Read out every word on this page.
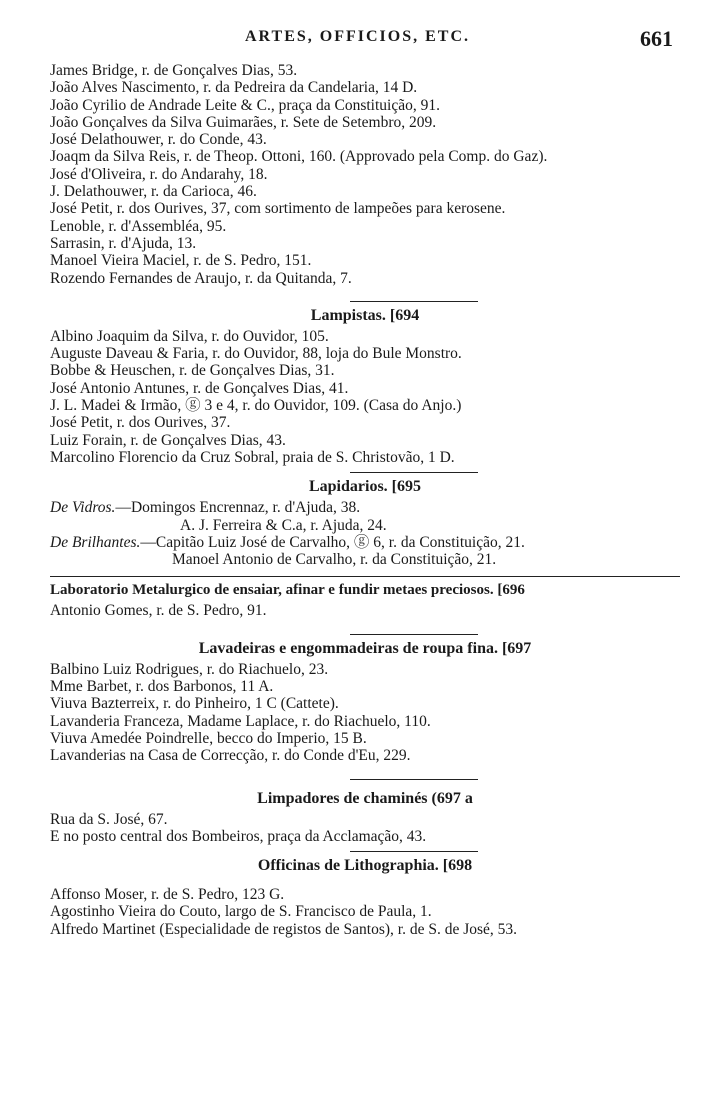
ARTES, OFFICIOS, ETC.	661
James Bridge, r. de Gonçalves Dias, 53.
João Alves Nascimento, r. da Pedreira da Candelaria, 14 D.
João Cyrilio de Andrade Leite & C., praça da Constituição, 91.
João Gonçalves da Silva Guimarães, r. Sete de Setembro, 209.
José Delathouwer, r. do Conde, 43.
Joaqm da Silva Reis, r. de Theop. Ottoni, 160. (Approvado pela Comp. do Gaz).
José d'Oliveira, r. do Andarahy, 18.
J. Delathouwer, r. da Carioca, 46.
José Petit, r. dos Ourives, 37, com sortimento de lampeões para kerosene.
Lenoble, r. d'Assembléa, 95.
Sarrasin, r. d'Ajuda, 13.
Manoel Vieira Maciel, r. de S. Pedro, 151.
Rozendo Fernandes de Araujo, r. da Quitanda, 7.
Lampistas. [694
Albino Joaquim da Silva, r. do Ouvidor, 105.
Auguste Daveau & Faria, r. do Ouvidor, 88, loja do Bule Monstro.
Bobbe & Heuschen, r. de Gonçalves Dias, 31.
José Antonio Antunes, r. de Gonçalves Dias, 41.
J. L. Madei & Irmão, ⓖ 3 e 4, r. do Ouvidor, 109. (Casa do Anjo.)
José Petit, r. dos Ourives, 37.
Luiz Forain, r. de Gonçalves Dias, 43.
Marcolino Florencio da Cruz Sobral, praia de S. Christovão, 1 D.
Lapidarios. [695
De Vidros.—Domingos Encrennaz, r. d'Ajuda, 38.
A. J. Ferreira & C.a, r. Ajuda, 24.
De Brilhantes.—Capitão Luiz José de Carvalho, ⓖ 6, r. da Constituição, 21.
Manoel Antonio de Carvalho, r. da Constituição, 21.
Laboratorio Metalurgico de ensaiar, afinar e fundir metaes preciosos. [696
Antonio Gomes, r. de S. Pedro, 91.
Lavadeiras e engommadeiras de roupa fina. [697
Balbino Luiz Rodrigues, r. do Riachuelo, 23.
Mme Barbet, r. dos Barbonos, 11 A.
Viuva Bazterreix, r. do Pinheiro, 1 C (Cattete).
Lavanderia Franceza, Madame Laplace, r. do Riachuelo, 110.
Viuva Amedée Poindrelle, becco do Imperio, 15 B.
Lavanderias na Casa de Correcção, r. do Conde d'Eu, 229.
Limpadores de chaminés (697 a
Rua da S. José, 67.
E no posto central dos Bombeiros, praça da Acclamação, 43.
Officinas de Lithographia. [698
Affonso Moser, r. de S. Pedro, 123 G.
Agostinho Vieira do Couto, largo de S. Francisco de Paula, 1.
Alfredo Martinet (Especialidade de registos de Santos), r. de S. de José, 53.
